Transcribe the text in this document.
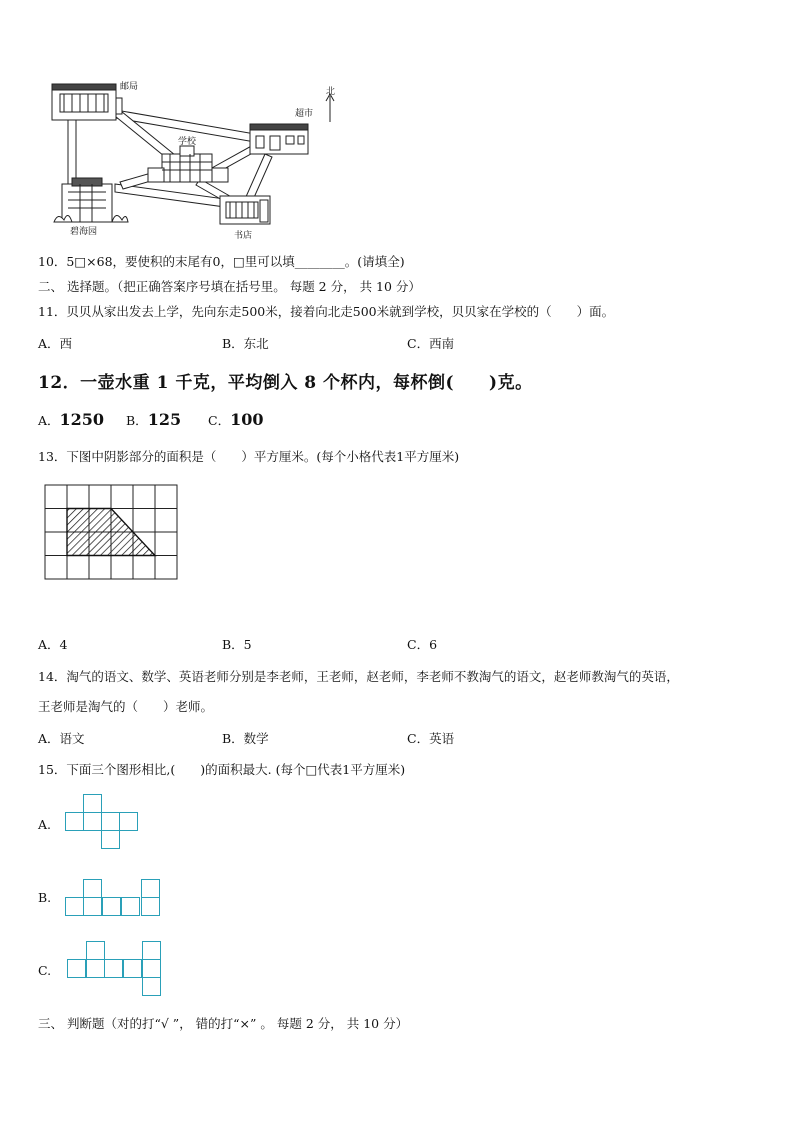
邮局
超市
北
学校
碧海园	书店
10．5□×68，要使积的末尾有0，□里可以填________。(请填全)
二、 选择题。（把正确答案序号填在括号里。 每题 2 分， 共 10 分）
11．贝贝从家出发去上学，先向东走500米，接着向北走500米就到学校，贝贝家在学校的（　　）面。
A．西	B．东北	C．西南
12．一壶水重 1 千克，平均倒入 8 个杯内，每杯倒(　　)克。
A．1250 B．125 C．100
13．下图中阴影部分的面积是（　　）平方厘米。(每个小格代表1平方厘米)
A．4	B．5	C．6
14．淘气的语文、数学、英语老师分别是李老师，王老师，赵老师，李老师不教淘气的语文，赵老师教淘气的英语，
王老师是淘气的（　　）老师。
A．语文	B．数学	C．英语
15．下面三个图形相比,(　　)的面积最大. (每个□代表1平方厘米)
A.
B.
C.
三、 判断题（对的打“√ ”， 错的打“×” 。 每题 2 分， 共 10 分）
